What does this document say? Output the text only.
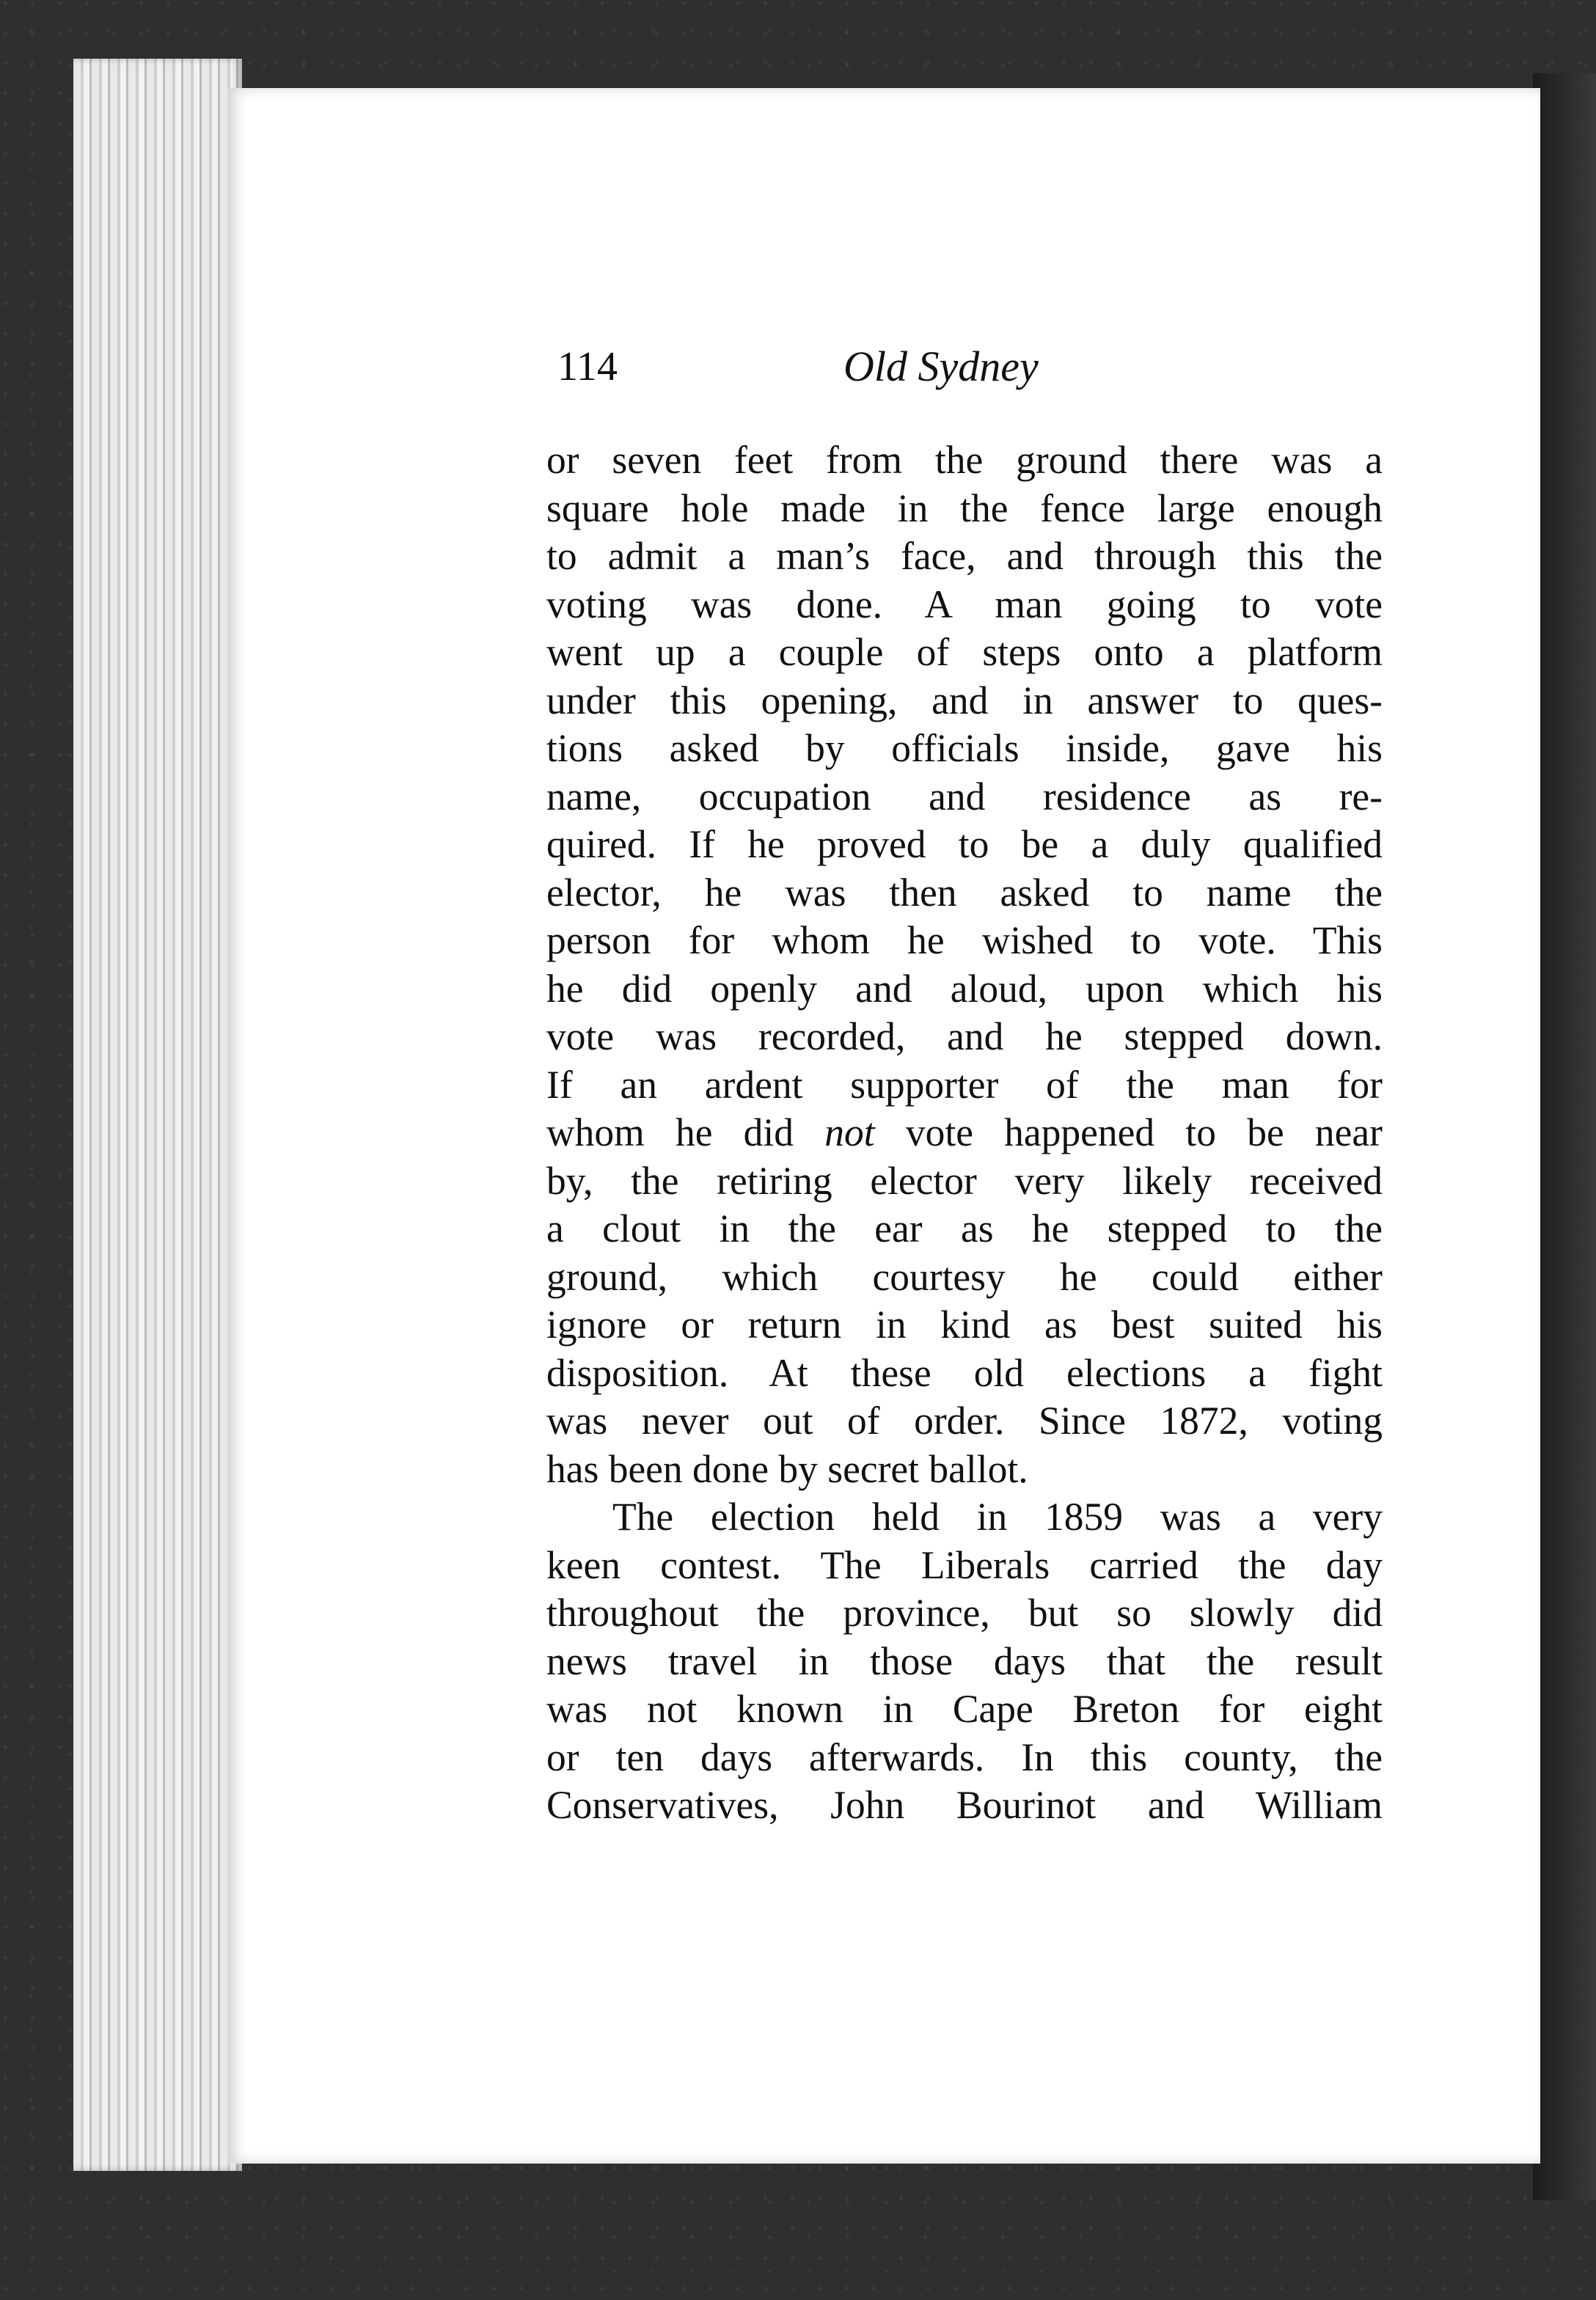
114	Old Sydney
or seven feet from the ground there was a
square hole made in the fence large enough
to admit a man’s face, and through this the
voting was done. A man going to vote
went up a couple of steps onto a platform
under this opening, and in answer to ques-
tions asked by officials inside, gave his
name, occupation and residence as re-
quired. If he proved to be a duly qualified
elector, he was then asked to name the
person for whom he wished to vote. This
he did openly and aloud, upon which his
vote was recorded, and he stepped down.
If an ardent supporter of the man for
whom he did not vote happened to be near
by, the retiring elector very likely received
a clout in the ear as he stepped to the
ground, which courtesy he could either
ignore or return in kind as best suited his
disposition. At these old elections a fight
was never out of order. Since 1872, voting
has been done by secret ballot.
The election held in 1859 was a very
keen contest. The Liberals carried the day
throughout the province, but so slowly did
news travel in those days that the result
was not known in Cape Breton for eight
or ten days afterwards. In this county, the
Conservatives, John Bourinot and William
